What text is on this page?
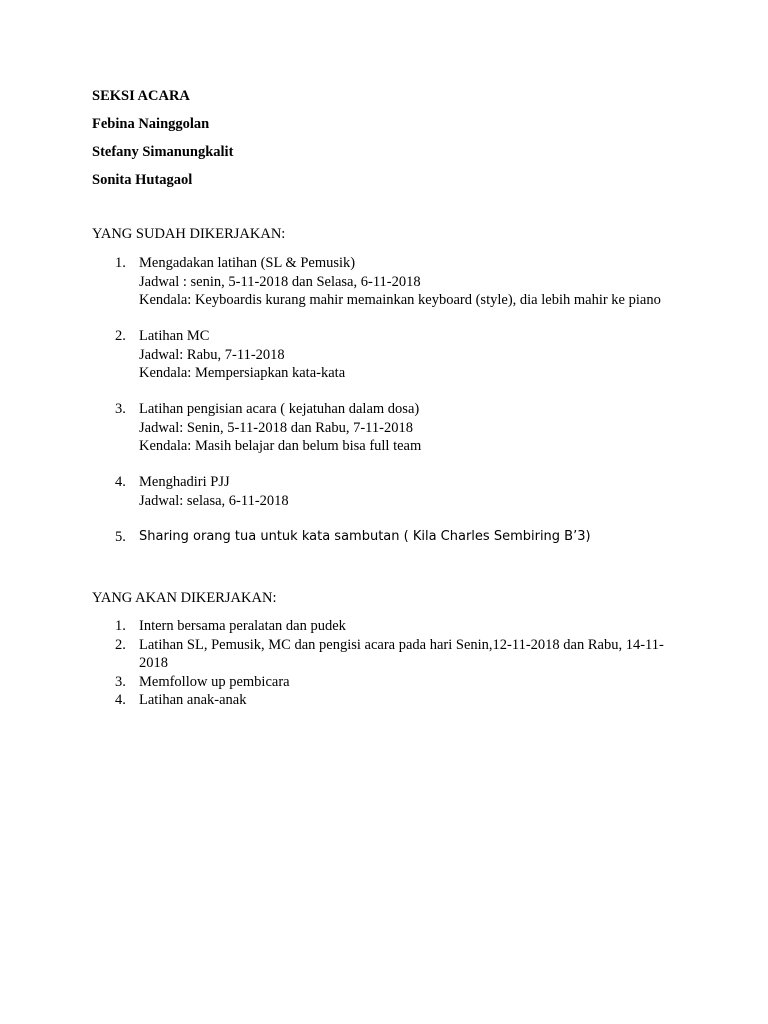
SEKSI ACARA
Febina Nainggolan
Stefany Simanungkalit
Sonita Hutagaol
YANG SUDAH DIKERJAKAN:
1. Mengadakan latihan (SL & Pemusik)
Jadwal : senin, 5-11-2018 dan Selasa, 6-11-2018
Kendala: Keyboardis kurang mahir memainkan keyboard (style), dia lebih mahir ke piano
2. Latihan MC
Jadwal: Rabu, 7-11-2018
Kendala: Mempersiapkan kata-kata
3. Latihan pengisian acara ( kejatuhan dalam dosa)
Jadwal: Senin, 5-11-2018 dan Rabu, 7-11-2018
Kendala: Masih belajar dan belum bisa full team
4. Menghadiri PJJ
Jadwal: selasa, 6-11-2018
5.	Sharing orang tua untuk kata sambutan ( Kila Charles Sembiring B’3)
YANG AKAN DIKERJAKAN:
1. Intern bersama peralatan dan pudek
2. Latihan SL, Pemusik, MC dan pengisi acara pada hari Senin,12-11-2018 dan Rabu, 14-11-2018
3. Memfollow up pembicara
4. Latihan anak-anak
